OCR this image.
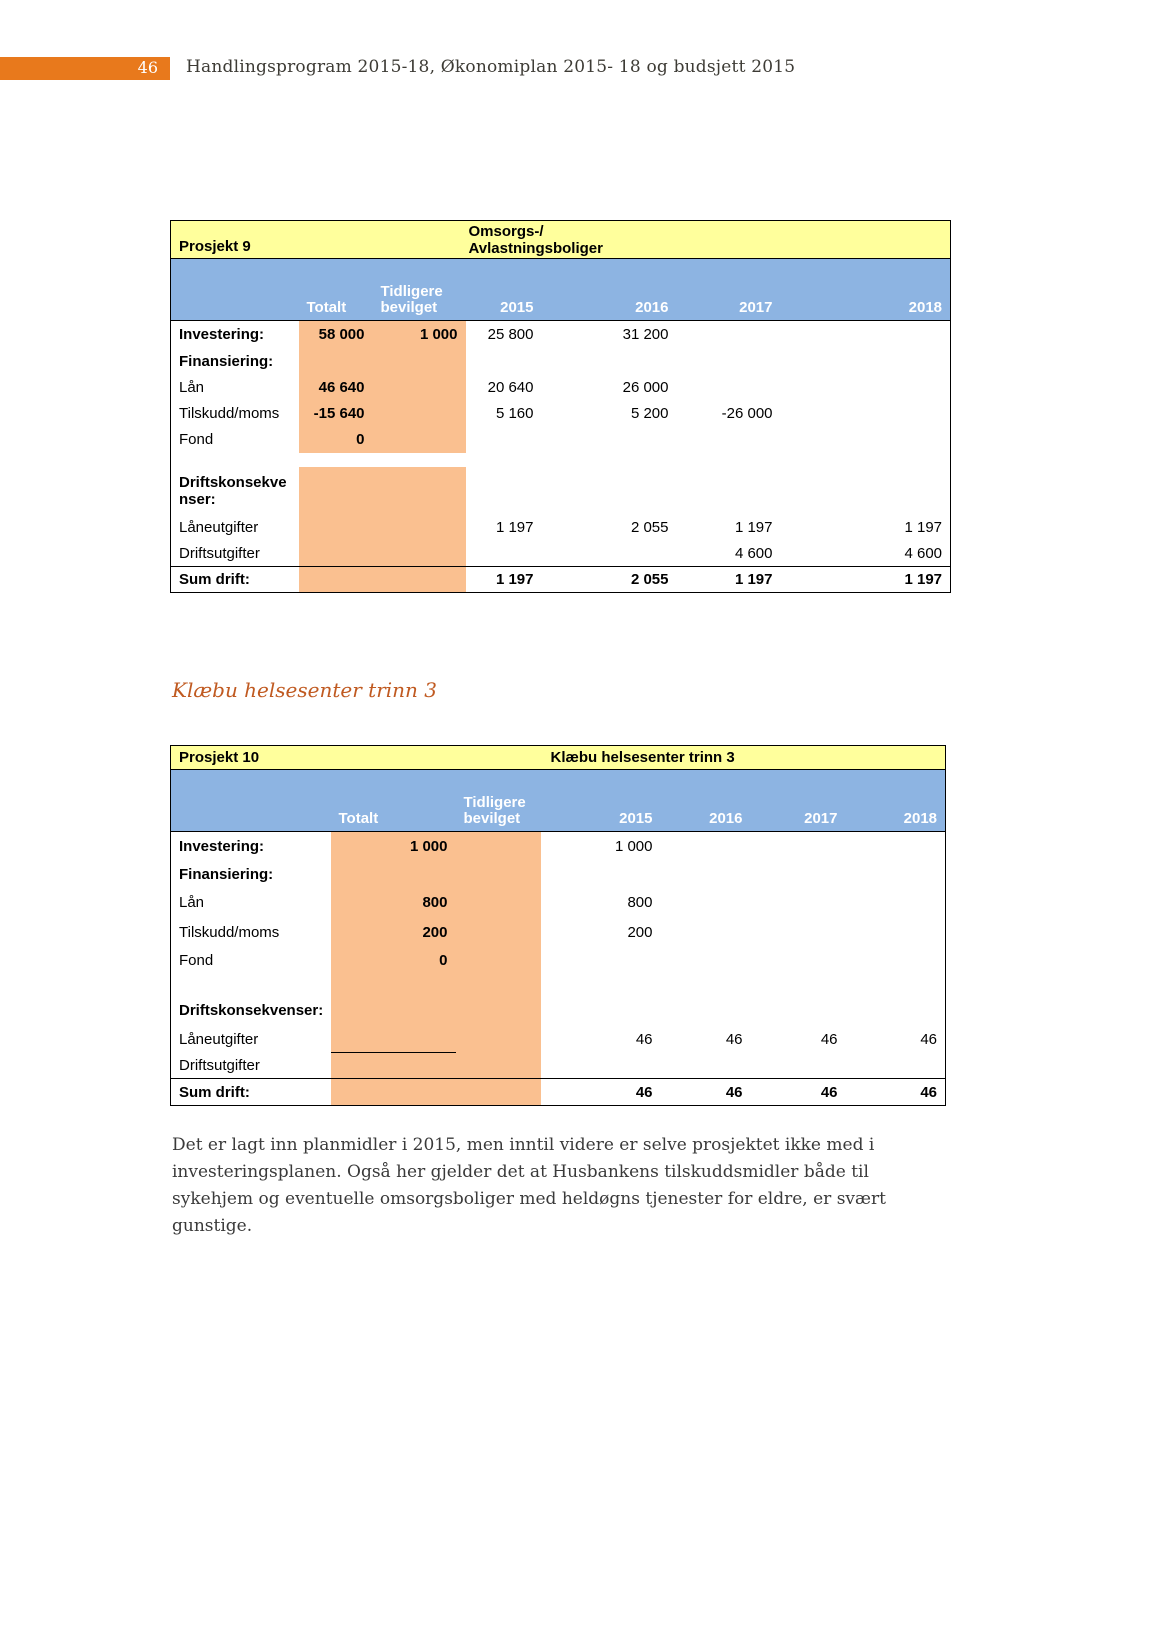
46 Handlingsprogram 2015-18, Økonomiplan 2015- 18 og budsjett 2015
Prosjekt 9			Omsorgs-/
Avlastningsboliger			

	Totalt	Tidligere
bevilget	2015	2016	2017	2018
Investering:	58 000	1 000	25 800	31 200		
Finansiering:						
Lån	46 640		20 640	26 000		
Tilskudd/moms	-15 640		5 160	5 200	-26 000	
Fond	0					

Driftskonsekvenser:						
Låneutgifter			1 197	2 055	1 197	1 197
Driftsutgifter					4 600	4 600
Sum drift:			1 197	2 055	1 197	1 197
Klæbu helsesenter trinn 3
Prosjekt 10			Klæbu helsesenter trinn 3			
	Totalt	Tidligere
bevilget	2015	2016	2017	2018
Investering:	1 000		1 000			
Finansiering:						
Lån	800		800			
Tilskudd/moms	200		200			
Fond	0					

Driftskonsekvenser:						
Låneutgifter			46	46	46	46
Driftsutgifter						
Sum drift:			46	46	46	46

Det er lagt inn planmidler i 2015, men inntil videre er selve prosjektet ikke med i investeringsplanen. Også her gjelder det at Husbankens tilskuddsmidler både til sykehjem og eventuelle omsorgsboliger med heldøgns tjenester for eldre, er svært gunstige.
